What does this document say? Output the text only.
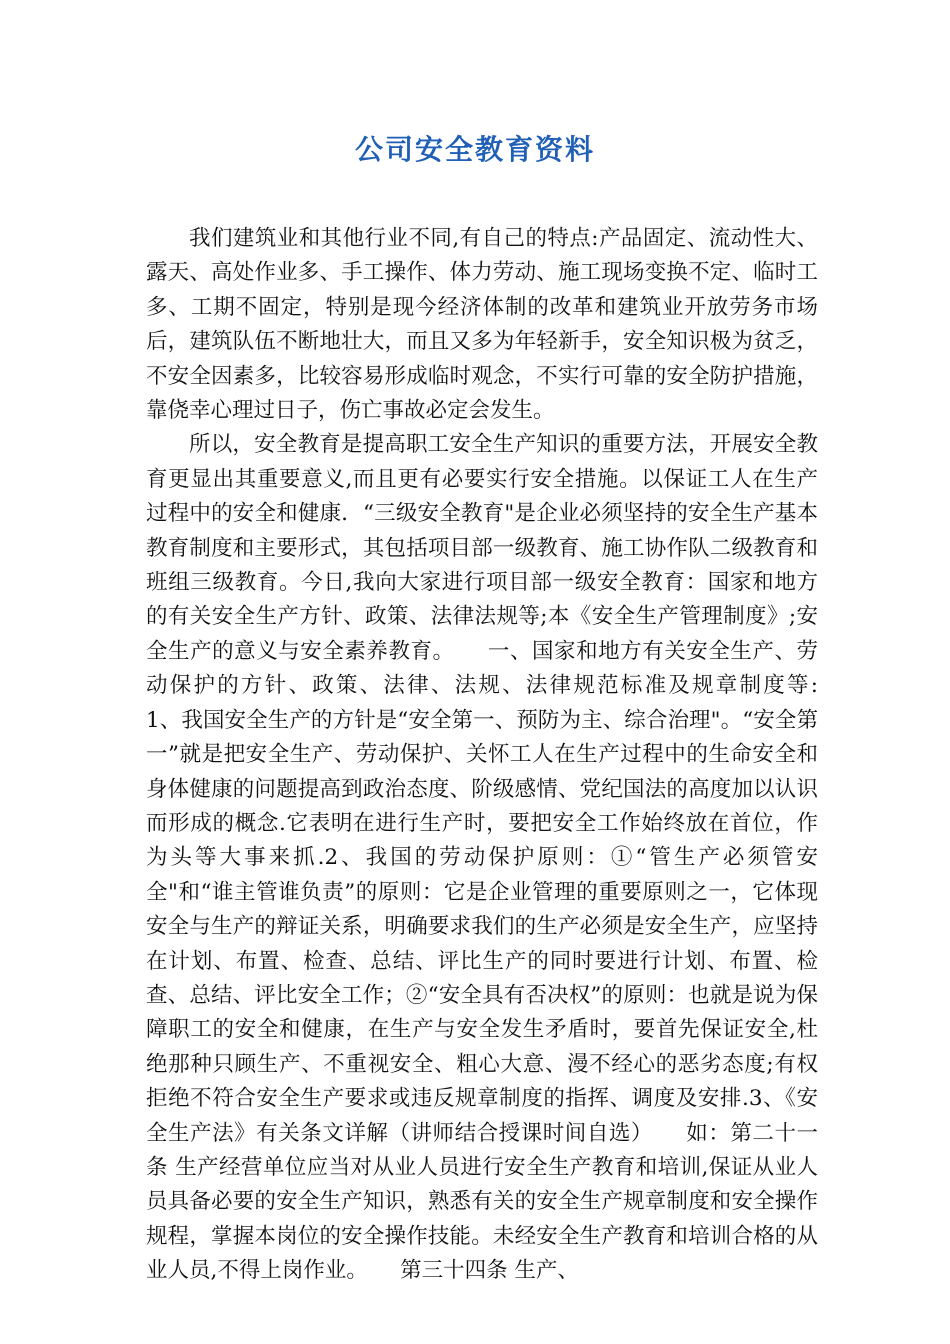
公司安全教育资料

我们建筑业和其他行业不同,有自己的特点:产品固定、流动性大、露天、高处作业多、手工操作、体力劳动、施工现场变换不定、临时工多、工期不固定，特别是现今经济体制的改革和建筑业开放劳务市场后，建筑队伍不断地壮大，而且又多为年轻新手，安全知识极为贫乏，不安全因素多，比较容易形成临时观念，不实行可靠的安全防护措施，靠侥幸心理过日子，伤亡事故必定会发生。

所以，安全教育是提高职工安全生产知识的重要方法，开展安全教育更显出其重要意义,而且更有必要实行安全措施。以保证工人在生产过程中的安全和健康．“三级安全教育"是企业必须坚持的安全生产基本教育制度和主要形式，其包括项目部一级教育、施工协作队二级教育和班组三级教育。今日,我向大家进行项目部一级安全教育：国家和地方的有关安全生产方针、政策、法律法规等;本《安全生产管理制度》;安全生产的意义与安全素养教育。　　一、国家和地方有关安全生产、劳动保护的方针、政策、法律、法规、法律规范标准及规章制度等:　　　1、我国安全生产的方针是“安全第一、预防为主、综合治理"。“安全第一”就是把安全生产、劳动保护、关怀工人在生产过程中的生命安全和身体健康的问题提高到政治态度、阶级感情、党纪国法的高度加以认识而形成的概念.它表明在进行生产时，要把安全工作始终放在首位，作为头等大事来抓.2、我国的劳动保护原则：①“管生产必须管安全"和“谁主管谁负责”的原则：它是企业管理的重要原则之一，它体现安全与生产的辩证关系，明确要求我们的生产必须是安全生产，应坚持在计划、布置、检查、总结、评比生产的同时要进行计划、布置、检查、总结、评比安全工作；②“安全具有否决权”的原则：也就是说为保障职工的安全和健康，在生产与安全发生矛盾时，要首先保证安全,杜绝那种只顾生产、不重视安全、粗心大意、漫不经心的恶劣态度;有权拒绝不符合安全生产要求或违反规章制度的指挥、调度及安排.3、《安全生产法》有关条文详解（讲师结合授课时间自选）　　如：第二十一条 生产经营单位应当对从业人员进行安全生产教育和培训,保证从业人员具备必要的安全生产知识，熟悉有关的安全生产规章制度和安全操作规程，掌握本岗位的安全操作技能。未经安全生产教育和培训合格的从业人员,不得上岗作业。　　第三十四条 生产、
